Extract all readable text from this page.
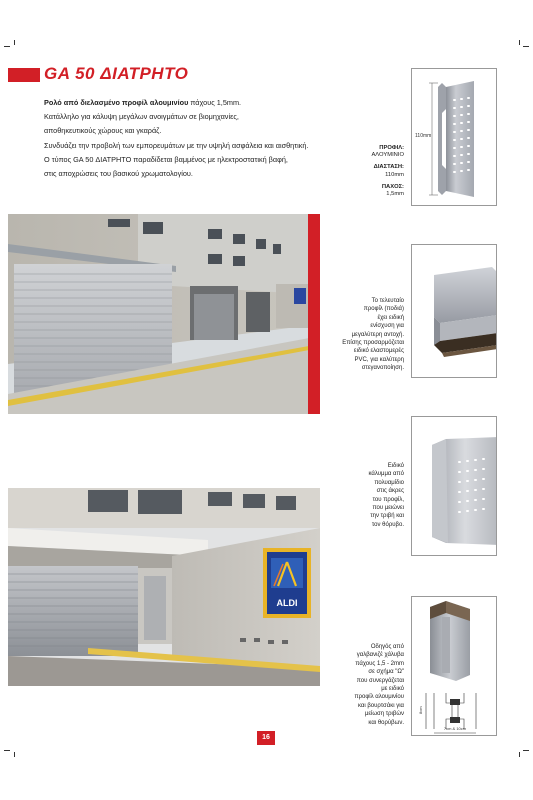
GA 50 ΔΙΑΤΡΗΤΟ
Ρολό από διελασμένο προφίλ αλουμινίου πάχους 1,5mm.
Κατάλληλο για κάλυψη μεγάλων ανοιγμάτων σε βιομηχανίες,
αποθηκευτικούς χώρους και γκαράζ.
Συνδυάζει την προβολή των εμπορευμάτων με την υψηλή ασφάλεια και αισθητική.
Ο τύπος GA 50 ΔΙΑΤΡΗΤΟ παραδίδεται βαμμένος με ηλεκτροστατική βαφή,
στις αποχρώσεις του βασικού χρωματολογίου.
ΠΡΟΦΙΛ:
ΑΛΟΥΜΙΝΙΟ
ΔΙΑΣΤΑΣΗ:
110mm
ΠΑΧΟΣ:
1,5mm
110mm
Το τελευταίο
προφίλ (ποδιά)
έχει ειδική
ενίσχυση για
μεγαλύτερη αντοχή.
Επίσης προσαρμόζεται
ειδικό ελαστομερές
PVC, για καλύτερη
στεγανοποίηση.
Ειδικό
κάλυμμα από
πολυαμίδιο
στις άκρες
του προφίλ,
που μειώνει
την τριβή και
τον θόρυβο.
ALDI
8cm
7cm & 10cm
Οδηγός από
γαλβανιζέ χάλυβα
πάχους 1,5 - 2mm
σε σχήμα "Ω"
που συνεργάζεται
με ειδικό
προφίλ αλουμινίου
και βουρτσάκι για
μείωση τριβών
και θορύβων.
16
